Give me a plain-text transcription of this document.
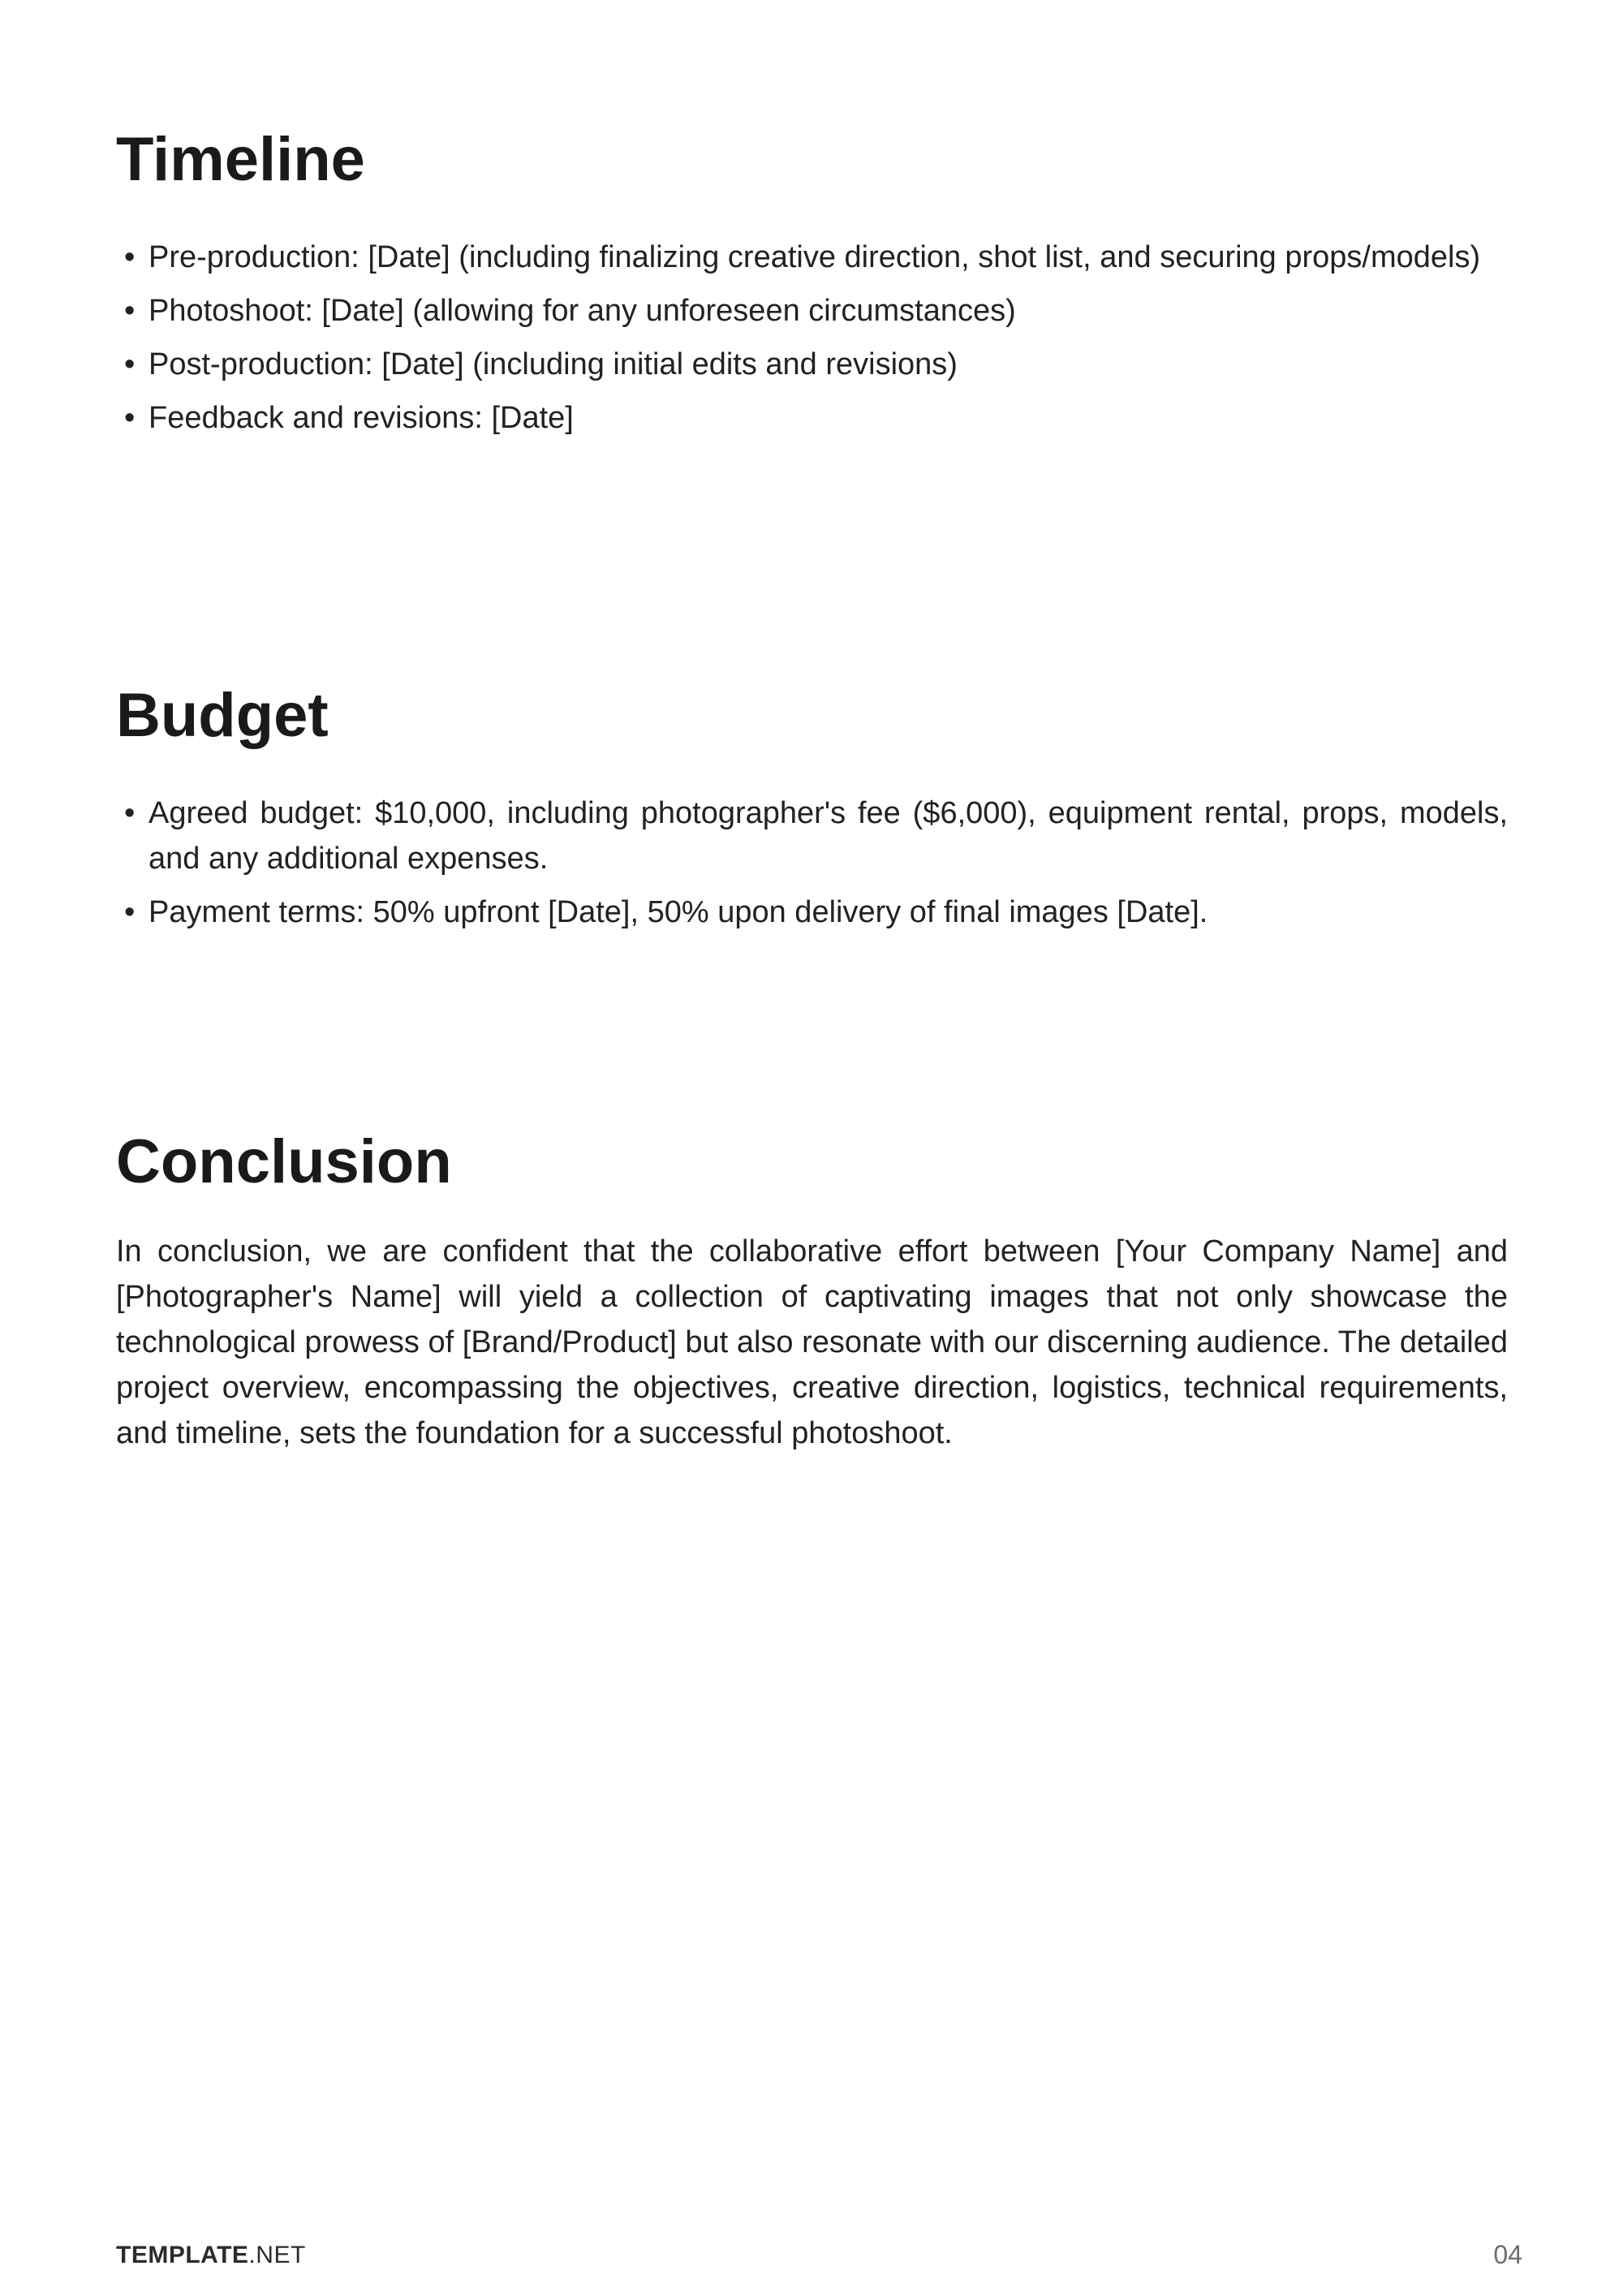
Timeline
• Pre-production: [Date] (including finalizing creative direction, shot list, and securing props/models)
• Photoshoot: [Date] (allowing for any unforeseen circumstances)
• Post-production: [Date] (including initial edits and revisions)
• Feedback and revisions: [Date]
Budget
• Agreed budget: $10,000, including photographer's fee ($6,000), equipment rental, props, models, and any additional expenses.
• Payment terms: 50% upfront [Date], 50% upon delivery of final images [Date].
Conclusion

In conclusion, we are confident that the collaborative effort between [Your Company Name] and [Photographer's Name] will yield a collection of captivating images that not only showcase the technological prowess of [Brand/Product] but also resonate with our discerning audience. The detailed project overview, encompassing the objectives, creative direction, logistics, technical requirements, and timeline, sets the foundation for a successful photoshoot.

TEMPLATE.NET	04
